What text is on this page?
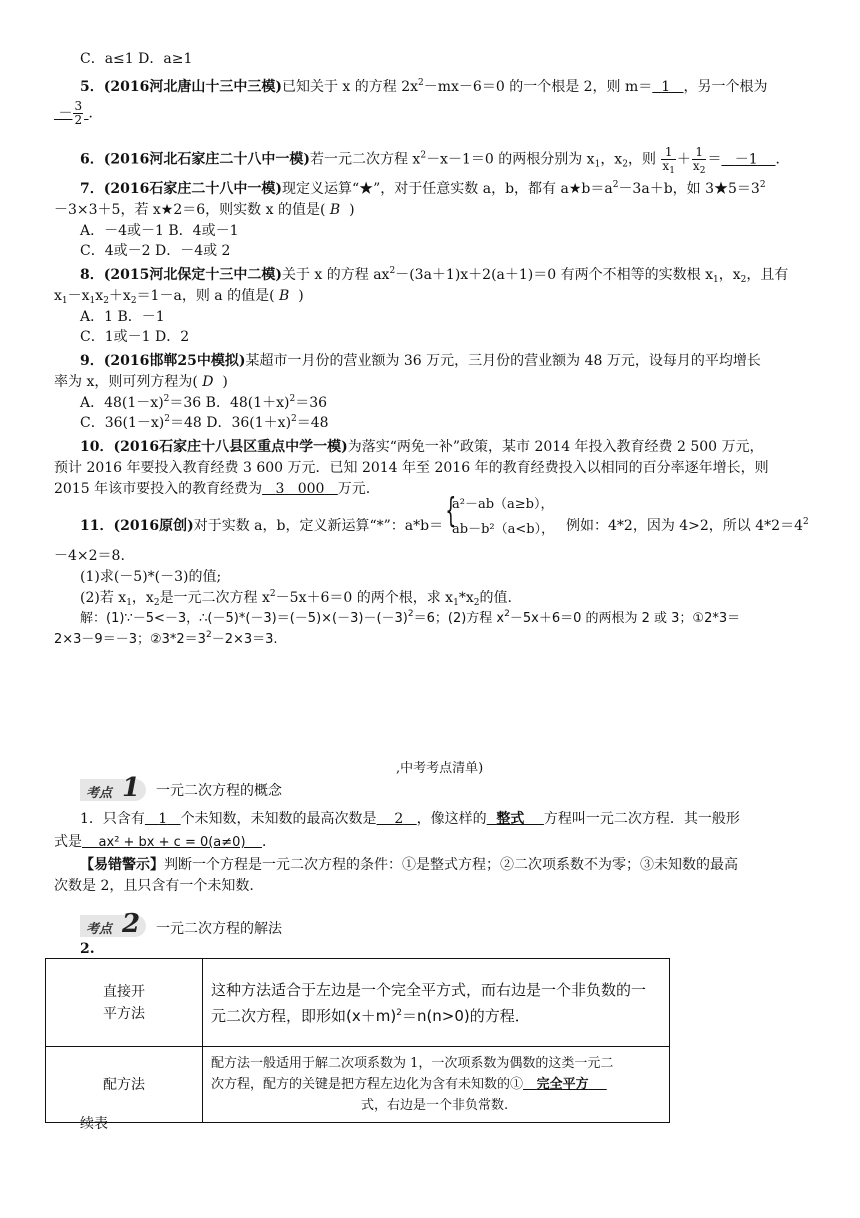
C．a≤1 D．a≥1
5．(2016河北唐山十三中三模)已知关于 x 的方程 $2x^2-mx-6=0$ 的一个根是 2，则 m＝ 1 ，另一个根为
－ $\frac{3}{2}$ ．
6．(2016河北石家庄二十八中一模)若一元二次方程 $x^2-x-1=0$ 的两根分别为 $x_1$，$x_2$，则 $\frac{1}{x_1} + \frac{1}{x_2} = -1$ ．
7．(2016石家庄二十八中一模)现定义运算“★”，对于任意实数 a，b，都有 $a★b=a^2-3a+b$，如 $3★5=3^2$
－3×3＋5，若 x★2＝6，则实数 x 的值是( B  )
A．－4或－1 B．4或－1
C．4或－2 D．－4或 2
8．(2015河北保定十三中二模)关于 x 的方程 $ax^2-(3a+1)x+2(a+1)=0$ 有两个不相等的实数根 $x_1$，$x_2$，且有
$x_1-x_1x_2+x_2=1-a$，则 a 的值是( B  )
A．1 B．－1
C．1或－1 D．2
9．(2016邯郸25中模拟)某超市一月份的营业额为 36 万元，三月份的营业额为 48 万元，设每月的平均增长
率为 x，则可列方程为( D  )
A．$48(1-x)^2=36$ B．$48(1+x)^2=36$
C．$36(1-x)^2=48$ D．$36(1+x)^2=48$
10．(2016石家庄十八县区重点中学一模)为落实“两免一补”政策，某市 2014 年投入教育经费 2 500 万元，
预计 2016 年要投入教育经费 3 600 万元．已知 2014 年至 2016 年的教育经费投入以相同的百分率逐年增长，则
2015 年该市要投入的教育经费为 3   000 万元.
11．(2016原创)对于实数 a，b，定义新运算“*”：a*b＝ {
a²－ab（a≥b），
ab－b²（a<b）， 例如：4*2，因为 4>2，所以 $4*2=4^2$
－4×2＝8.
(1)求(－5)*(－3)的值;
(2)若 $x_1$，$x_2$是一元二次方程 $x^2-5x+6=0$ 的两个根，求 $x_1*x_2$的值.
解：(1)∵－5<－3，$\therefore(-5)*(-3)=(-5)\times(-3)-(-3)^2=6$；(2)方程 $x^2-5x+6=0$ 的两根为 2 或 3；①2*3＝
2×3－9＝－3；$②3*2=3^2-2\times 3=3$.
,中考考点清单)
考点 1 一元二次方程的概念
1．只含有 1 个未知数，未知数的最高次数是 2 ，像这样的 整式 方程叫一元二次方程．其一般形
式是 ax² + bx + c = 0(a≠0) ．
【易错警示】判断一个方程是一元二次方程的条件：①是整式方程；②二次项系数不为零；③未知数的最高
次数是 2，且只含有一个未知数.
考点 2 一元二次方程的解法
2.
直接开
平方法	这种方法适合于左边是一个完全平方式，而右边是一个非负数的一
元二次方程，即形如$(x+m)^2=n(n>0)$的方程．
配方法	配方法一般适用于解二次项系数为 1，一次项系数为偶数的这类一元二
次方程，配方的关键是把方程左边化为含有未知数的① 完全平方
式，右边是一个非负常数.
续表
